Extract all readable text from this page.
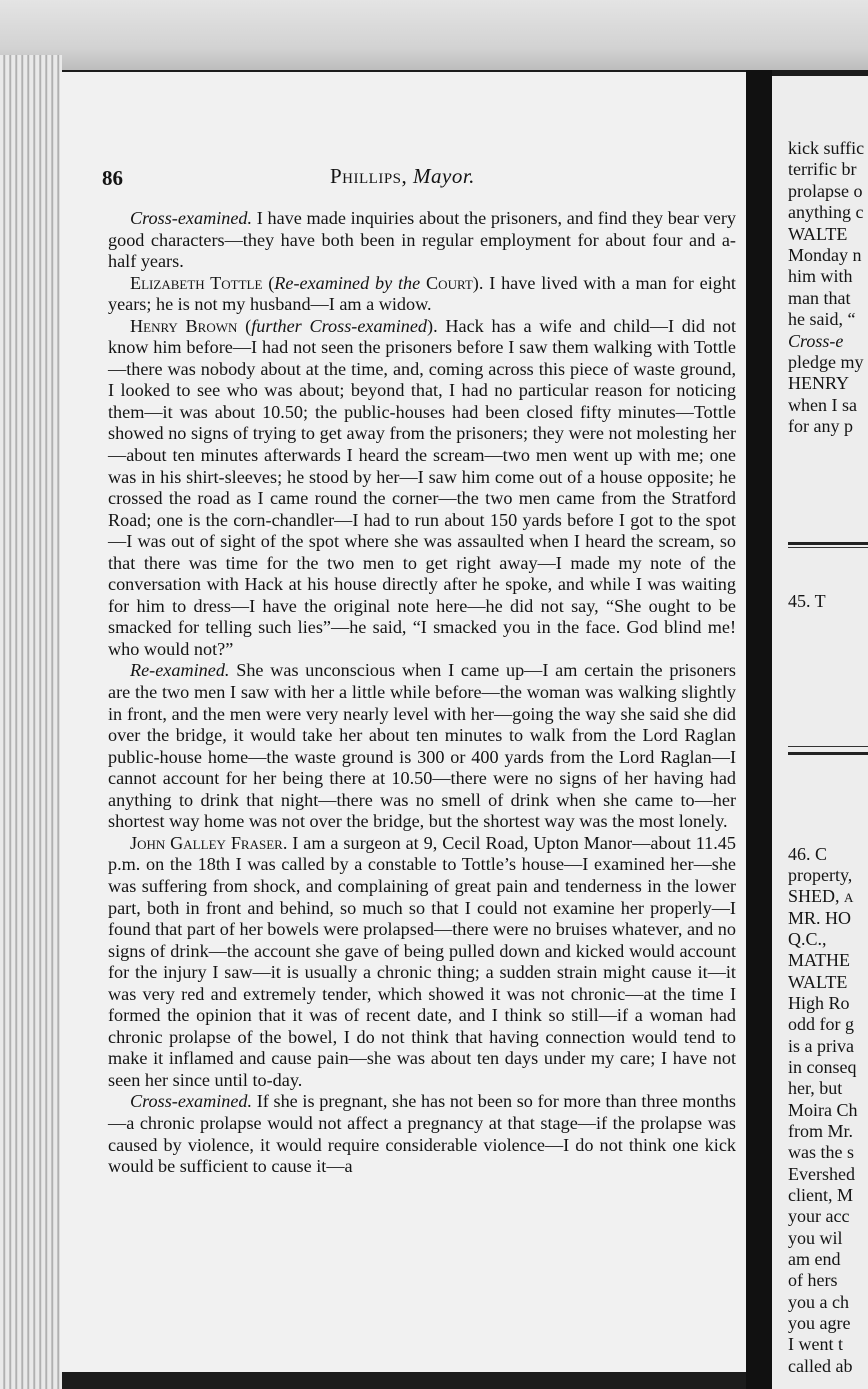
86	Phillips, Mayor.

Cross-examined. I have made inquiries about the prisoners, and find they bear very good characters—they have both been in regular employment for about four and a-half years.

Elizabeth Tottle (Re-examined by the Court). I have lived with a man for eight years; he is not my husband—I am a widow.

Henry Brown (further Cross-examined). Hack has a wife and child—I did not know him before—I had not seen the prisoners before I saw them walking with Tottle—there was nobody about at the time, and, coming across this piece of waste ground, I looked to see who was about; beyond that, I had no particular reason for noticing them—it was about 10.50; the public-houses had been closed fifty minutes—Tottle showed no signs of trying to get away from the prisoners; they were not molesting her—about ten minutes afterwards I heard the scream—two men went up with me; one was in his shirt-sleeves; he stood by her—I saw him come out of a house opposite; he crossed the road as I came round the corner—the two men came from the Stratford Road; one is the corn-chandler—I had to run about 150 yards before I got to the spot—I was out of sight of the spot where she was assaulted when I heard the scream, so that there was time for the two men to get right away—I made my note of the conversation with Hack at his house directly after he spoke, and while I was waiting for him to dress—I have the original note here—he did not say, “She ought to be smacked for telling such lies”—he said, “I smacked you in the face. God blind me! who would not?”

Re-examined. She was unconscious when I came up—I am certain the prisoners are the two men I saw with her a little while before—the woman was walking slightly in front, and the men were very nearly level with her—going the way she said she did over the bridge, it would take her about ten minutes to walk from the Lord Raglan public-house home—the waste ground is 300 or 400 yards from the Lord Raglan—I cannot account for her being there at 10.50—there were no signs of her having had anything to drink that night—there was no smell of drink when she came to—her shortest way home was not over the bridge, but the shortest way was the most lonely.

John Galley Fraser. I am a surgeon at 9, Cecil Road, Upton Manor—about 11.45 p.m. on the 18th I was called by a constable to Tottle’s house—I examined her—she was suffering from shock, and complaining of great pain and tenderness in the lower part, both in front and behind, so much so that I could not examine her properly—I found that part of her bowels were prolapsed—there were no bruises whatever, and no signs of drink—the account she gave of being pulled down and kicked would account for the injury I saw—it is usually a chronic thing; a sudden strain might cause it—it was very red and extremely tender, which showed it was not chronic—at the time I formed the opinion that it was of recent date, and I think so still—if a woman had chronic prolapse of the bowel, I do not think that having connection would tend to make it inflamed and cause pain—she was about ten days under my care; I have not seen her since until to-day.

Cross-examined. If she is pregnant, she has not been so for more than three months—a chronic prolapse would not affect a pregnancy at that stage—if the prolapse was caused by violence, it would require considerable violence—I do not think one kick would be sufficient to cause it—a

kick suffic
terrific br
prolapse o
anything c
WALTE
Monday n
him with
man that
he said, “
Cross-e
pledge my
HENRY
when I sa
for any p
45. T
46. C
property,
SHED, a
MR. HO
Q.C.,
MATHE
WALTE
High Ro
odd for g
is a priva
in conseq
her, but
Moira Ch
from Mr.
was the s
Evershed
client, M
your acc
you wil
am end
of hers
you a ch
you agre
I went t
called ab
